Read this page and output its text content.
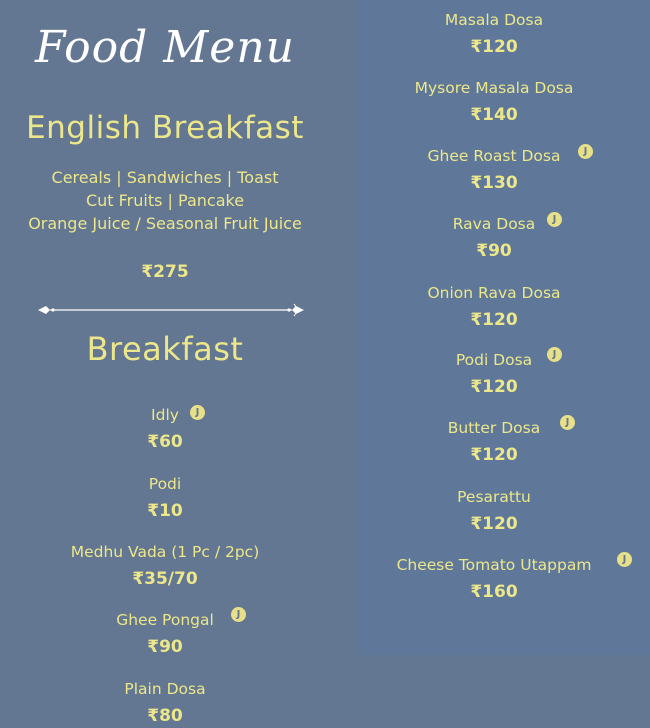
Food Menu
English Breakfast
Cereals | Sandwiches | Toast
Cut Fruits | Pancake
Orange Juice / Seasonal Fruit Juice
₹275
Breakfast
Idly
₹60
J
Podi
₹10
Medhu Vada (1 Pc / 2pc)
₹35/70
Ghee Pongal
₹90
J
Plain Dosa
₹80
Masala Dosa
₹120
Mysore Masala Dosa
₹140
Ghee Roast Dosa
₹130
J
Rava Dosa
₹90
J
Onion Rava Dosa
₹120
Podi Dosa
₹120
J
Butter Dosa
₹120
J
Pesarattu
₹120
Cheese Tomato Utappam
₹160
J
